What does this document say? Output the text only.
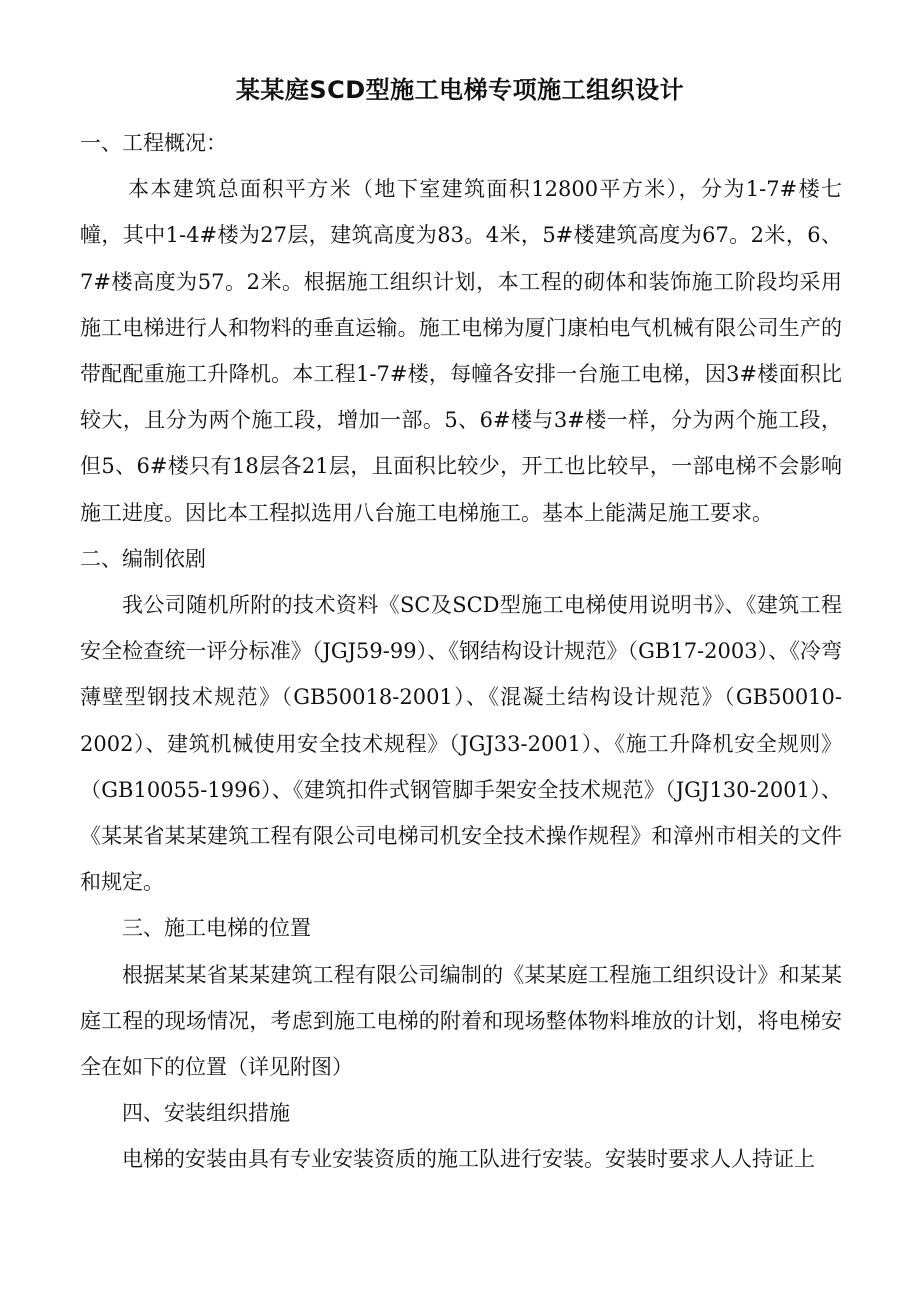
某某庭SCD型施工电梯专项施工组织设计

一、工程概况：

本本建筑总面积平方米（地下室建筑面积12800平方米），分为1-7#楼七幢，其中1-4#楼为27层，建筑高度为83。4米，5#楼建筑高度为67。2米，6、7#楼高度为57。2米。根据施工组织计划，本工程的砌体和装饰施工阶段均采用施工电梯进行人和物料的垂直运输。施工电梯为厦门康柏电气机械有限公司生产的带配配重施工升降机。本工程1-7#楼，每幢各安排一台施工电梯，因3#楼面积比较大，且分为两个施工段，增加一部。5、6#楼与3#楼一样，分为两个施工段，但5、6#楼只有18层各21层，且面积比较少，开工也比较早，一部电梯不会影响施工进度。因比本工程拟选用八台施工电梯施工。基本上能满足施工要求。

二、编制依剧

我公司随机所附的技术资料《SC及SCD型施工电梯使用说明书》、《建筑工程安全检查统一评分标准》（JGJ59-99）、《钢结构设计规范》（GB17-2003）、《冷弯薄壁型钢技术规范》（GB50018-2001）、《混凝土结构设计规范》（GB50010-2002）、建筑机械使用安全技术规程》（JGJ33-2001）、《施工升降机安全规则》（GB10055-1996）、《建筑扣件式钢管脚手架安全技术规范》（JGJ130-2001）、《某某省某某建筑工程有限公司电梯司机安全技术操作规程》和漳州市相关的文件和规定。

三、施工电梯的位置

根据某某省某某建筑工程有限公司编制的《某某庭工程施工组织设计》和某某庭工程的现场情况，考虑到施工电梯的附着和现场整体物料堆放的计划，将电梯安全在如下的位置（详见附图）

四、安装组织措施

电梯的安装由具有专业安装资质的施工队进行安装。安装时要求人人持证上
